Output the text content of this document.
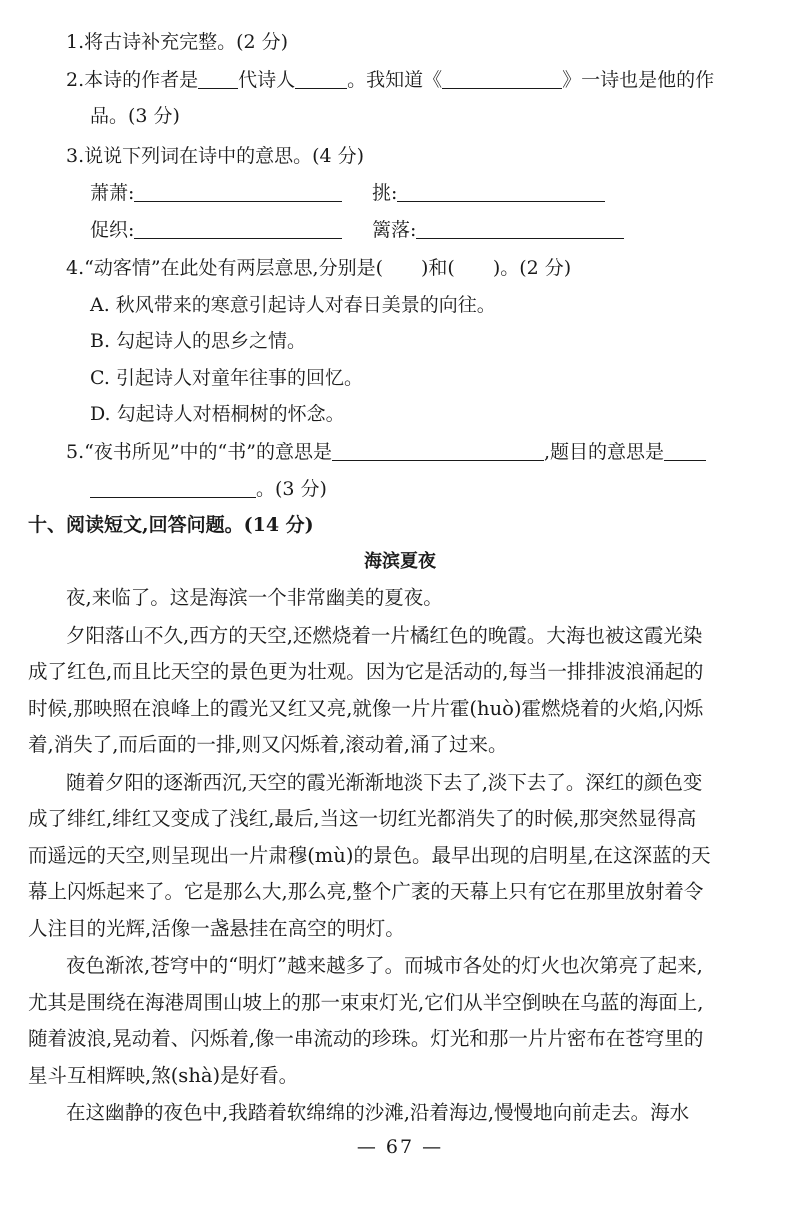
1.将古诗补充完整。(2 分)
2.本诗的作者是 代诗人	。我知道《	》一诗也是他的作
品。(3 分)
3.说说下列词在诗中的意思。(4 分)
萧萧:	挑:
促织:	篱落:
4.“动客情”在此处有两层意思,分别是(　　)和(　　)。(2 分)
A. 秋风带来的寒意引起诗人对春日美景的向往。
B. 勾起诗人的思乡之情。
C. 引起诗人对童年往事的回忆。
D. 勾起诗人对梧桐树的怀念。
5.“夜书所见”中的“书”的意思是	,题目的意思是
。(3 分)
十、阅读短文,回答问题。(14 分)
海滨夏夜
夜,来临了。这是海滨一个非常幽美的夏夜。
夕阳落山不久,西方的天空,还燃烧着一片橘红色的晚霞。大海也被这霞光染
成了红色,而且比天空的景色更为壮观。因为它是活动的,每当一排排波浪涌起的
时候,那映照在浪峰上的霞光又红又亮,就像一片片霍(huò)霍燃烧着的火焰,闪烁
着,消失了,而后面的一排,则又闪烁着,滚动着,涌了过来。
随着夕阳的逐渐西沉,天空的霞光渐渐地淡下去了,淡下去了。深红的颜色变
成了绯红,绯红又变成了浅红,最后,当这一切红光都消失了的时候,那突然显得高
而遥远的天空,则呈现出一片肃穆(mù)的景色。最早出现的启明星,在这深蓝的天
幕上闪烁起来了。它是那么大,那么亮,整个广袤的天幕上只有它在那里放射着令
人注目的光辉,活像一盏悬挂在高空的明灯。
夜色渐浓,苍穹中的“明灯”越来越多了。而城市各处的灯火也次第亮了起来,
尤其是围绕在海港周围山坡上的那一束束灯光,它们从半空倒映在乌蓝的海面上,
随着波浪,晃动着、闪烁着,像一串流动的珍珠。灯光和那一片片密布在苍穹里的
星斗互相辉映,煞(shà)是好看。
在这幽静的夜色中,我踏着软绵绵的沙滩,沿着海边,慢慢地向前走去。海水
— 67 —
